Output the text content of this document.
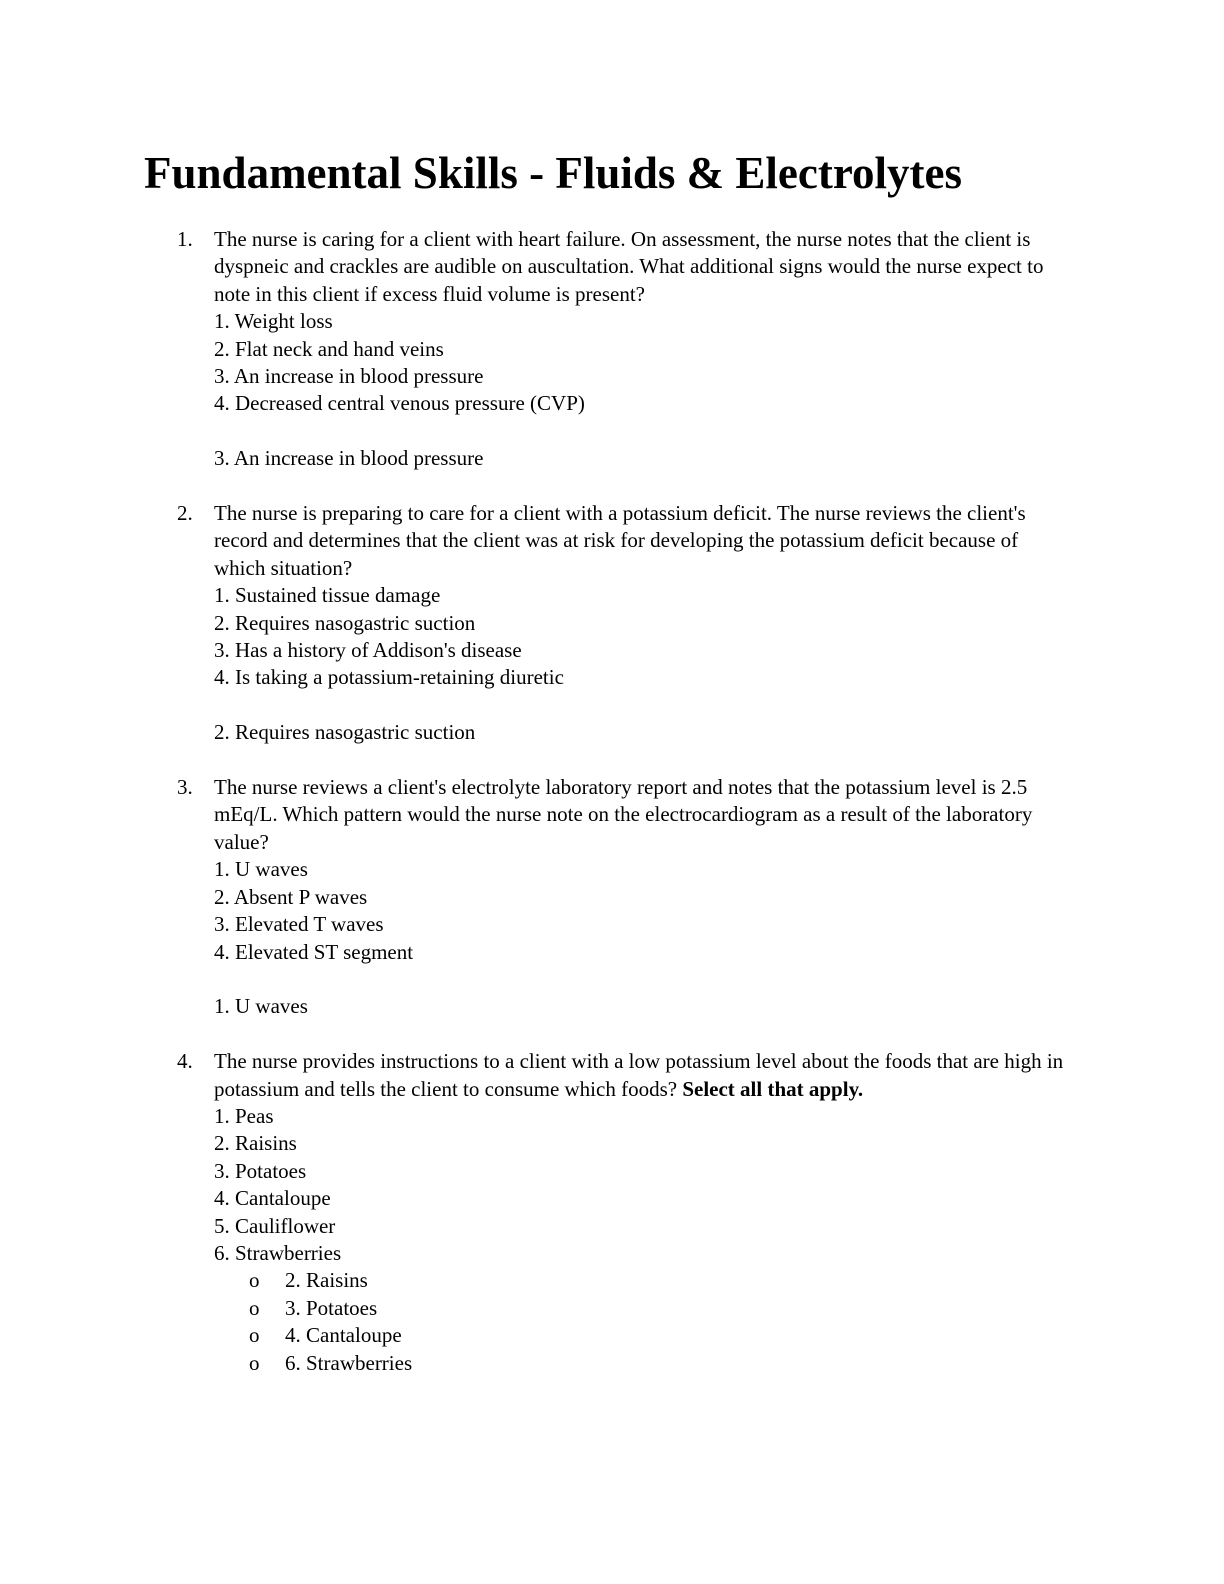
Fundamental Skills - Fluids & Electrolytes
1.	The nurse is caring for a client with heart failure. On assessment, the nurse notes that the client is dyspneic and crackles are audible on auscultation. What additional signs would the nurse expect to note in this client if excess fluid volume is present?

1. Weight loss
2. Flat neck and hand veins
3. An increase in blood pressure
4. Decreased central venous pressure (CVP)
3. An increase in blood pressure
2.	The nurse is preparing to care for a client with a potassium deficit. The nurse reviews the client's record and determines that the client was at risk for developing the potassium deficit because of which situation?

1. Sustained tissue damage
2. Requires nasogastric suction
3. Has a history of Addison's disease
4. Is taking a potassium-retaining diuretic
2. Requires nasogastric suction
3.	The nurse reviews a client's electrolyte laboratory report and notes that the potassium level is 2.5 mEq/L. Which pattern would the nurse note on the electrocardiogram as a result of the laboratory value?

1. U waves
2. Absent P waves
3. Elevated T waves
4. Elevated ST segment
1. U waves
4.	The nurse provides instructions to a client with a low potassium level about the foods that are high in potassium and tells the client to consume which foods? Select all that apply.

1. Peas
2. Raisins
3. Potatoes
4. Cantaloupe
5. Cauliflower
6. Strawberries
o 2. Raisins
o 3. Potatoes
o 4. Cantaloupe
o 6. Strawberries
